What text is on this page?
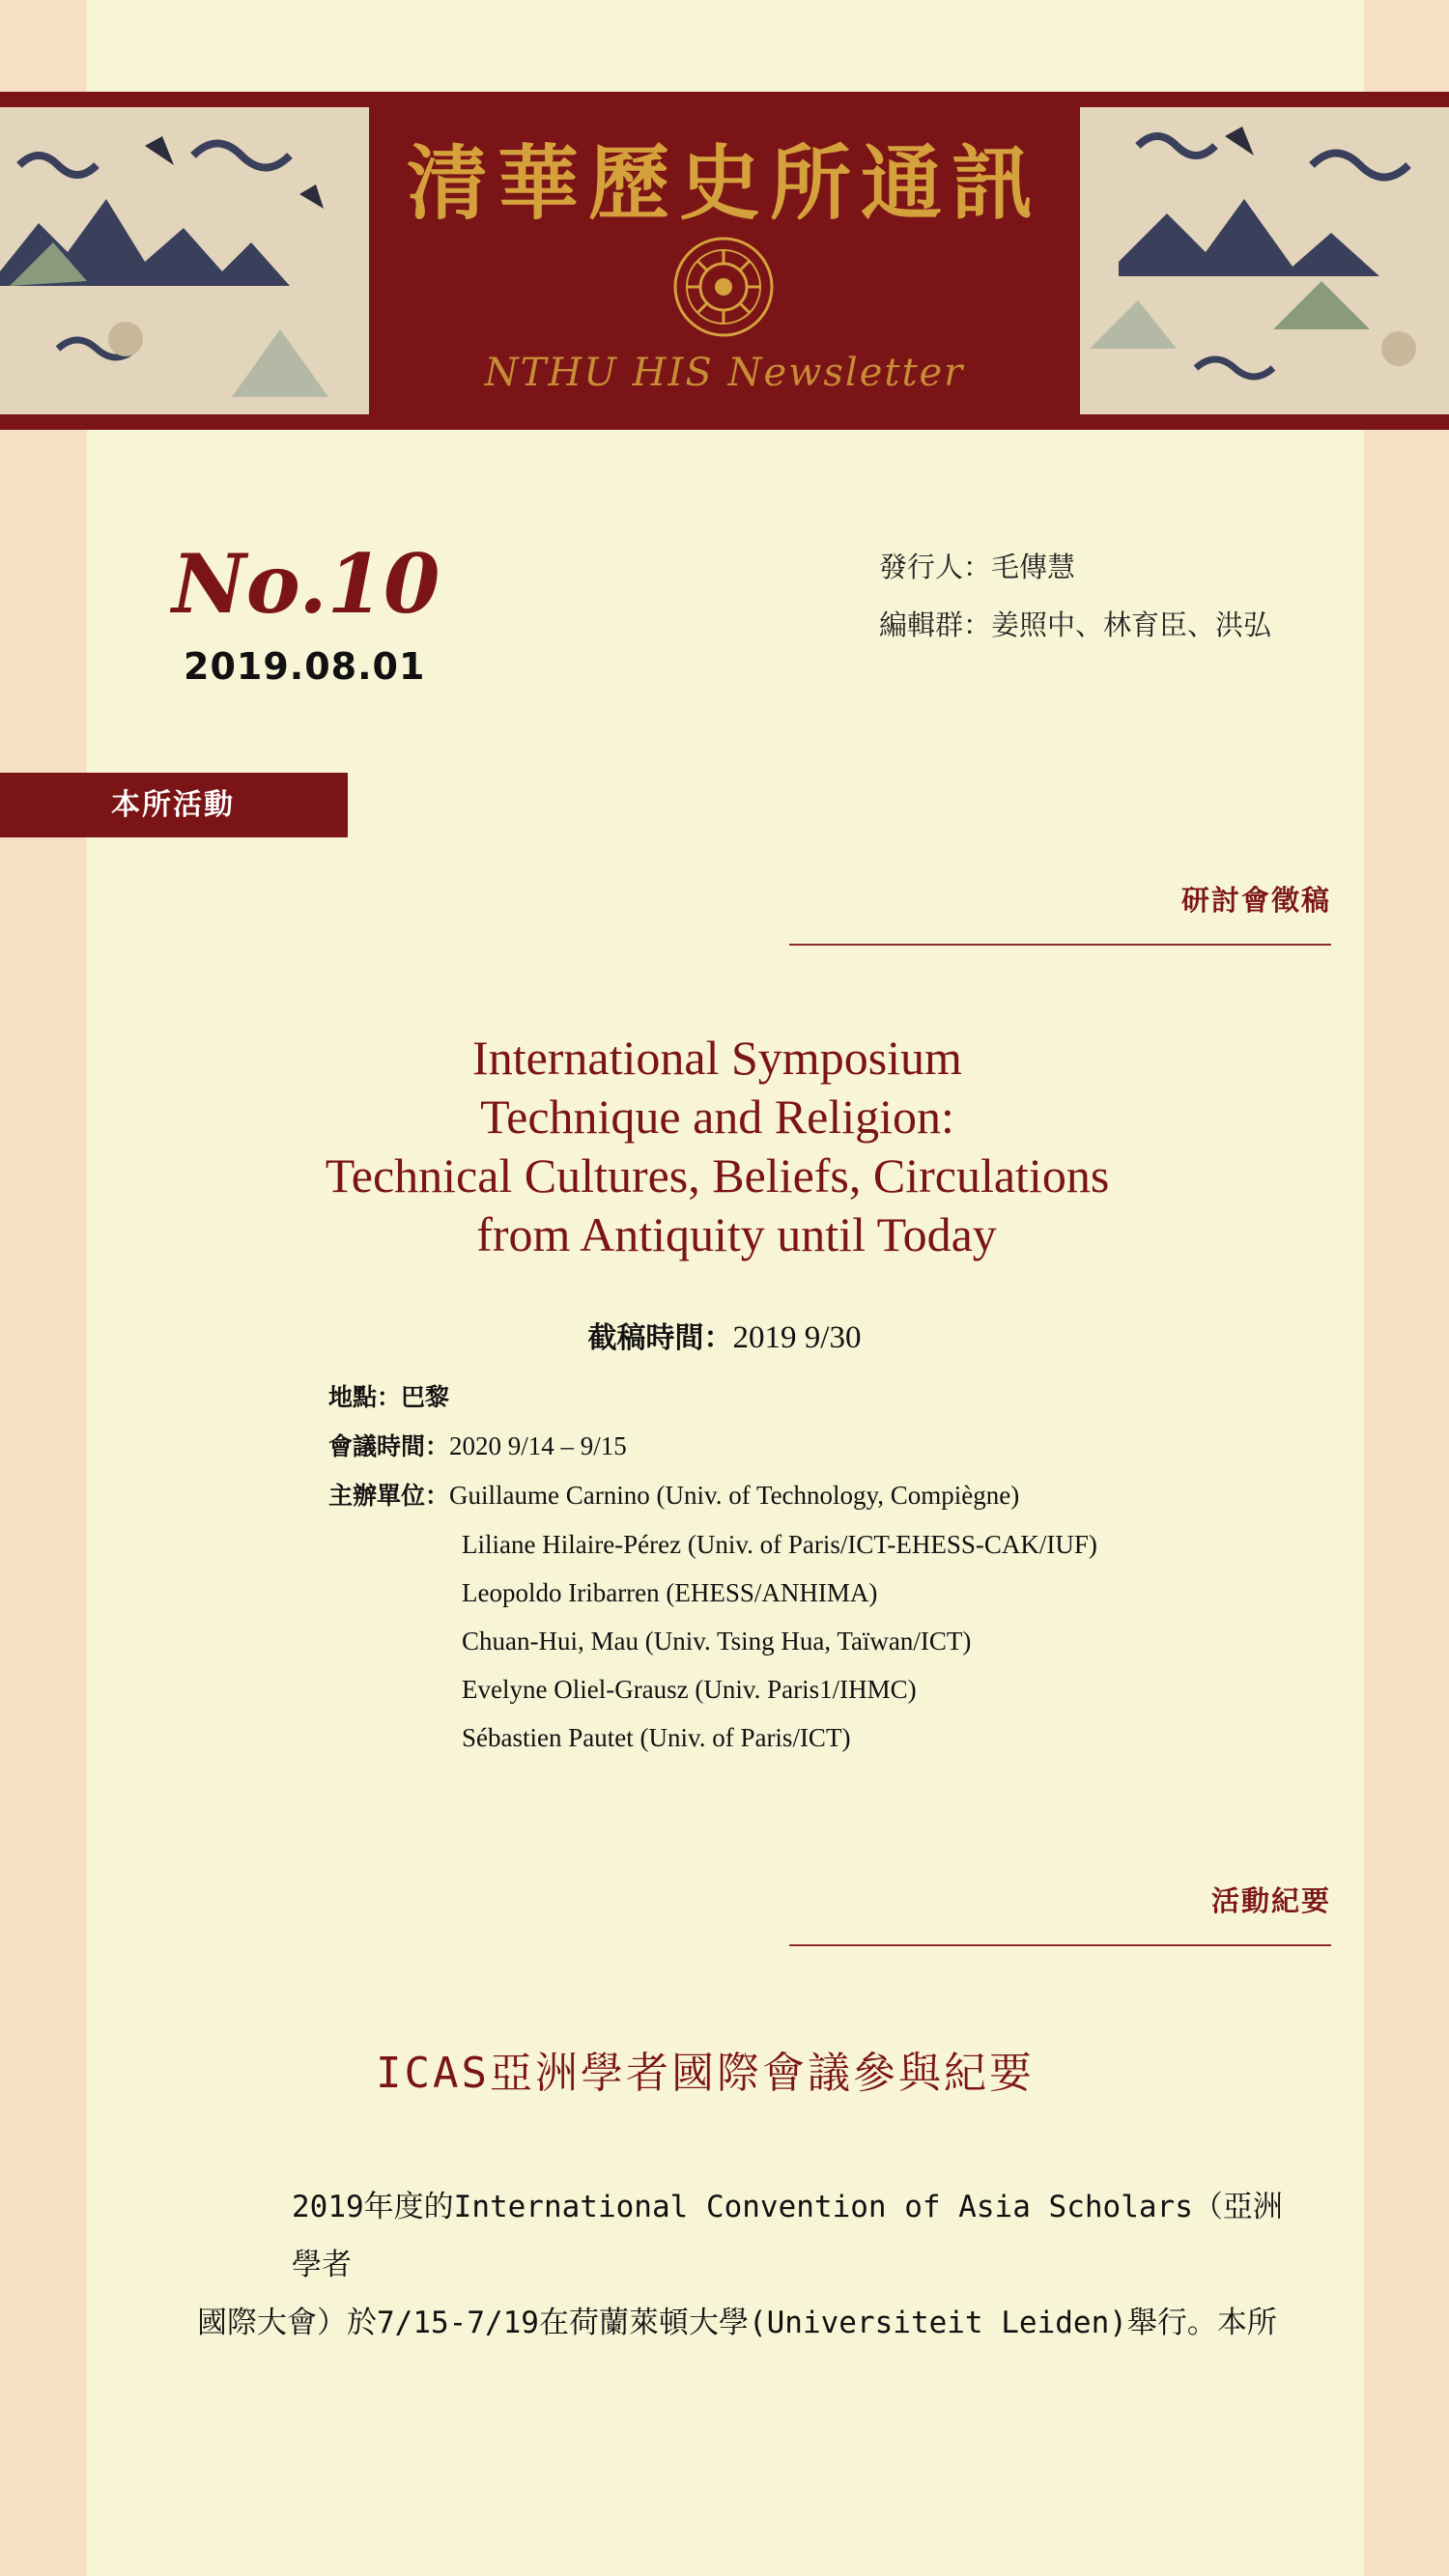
清華歷史所通訊
NTHU HIS Newsletter
No.10
2019.08.01
發行人：毛傳慧
編輯群：姜照中、林育臣、洪弘
本所活動
研討會徵稿
International Symposium
Technique and Religion:
Technical Cultures, Beliefs, Circulations
from Antiquity until Today
截稿時間：2019 9/30
地點：巴黎
會議時間：2020 9/14 – 9/15
主辦單位：Guillaume Carnino (Univ. of Technology, Compiègne)
Liliane Hilaire-Pérez (Univ. of Paris/ICT-EHESS-CAK/IUF)
Leopoldo Iribarren (EHESS/ANHIMA)
Chuan-Hui, Mau (Univ. Tsing Hua, Taïwan/ICT)
Evelyne Oliel-Grausz (Univ. Paris1/IHMC)
Sébastien Pautet (Univ. of Paris/ICT)
活動紀要
ICAS亞洲學者國際會議參與紀要
2019年度的International Convention of Asia Scholars（亞洲學者
國際大會）於7/15-7/19在荷蘭萊頓大學(Universiteit Leiden)舉行。本所
